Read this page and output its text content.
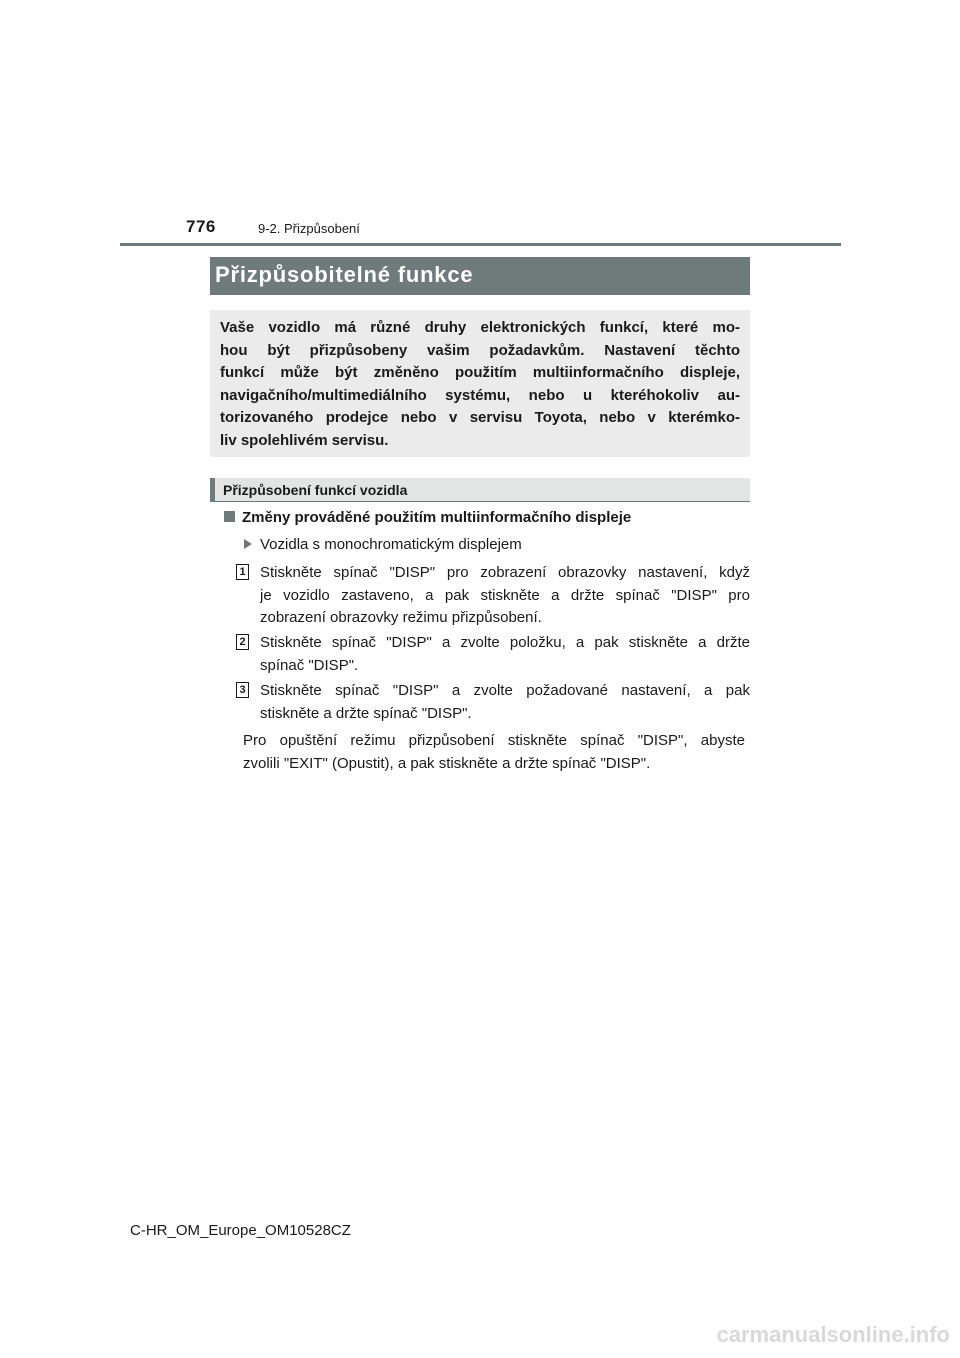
776	9-2. Přizpůsobení
Přizpůsobitelné funkce
Vaše vozidlo má různé druhy elektronických funkcí, které mo-
hou být přizpůsobeny vašim požadavkům. Nastavení těchto
funkcí může být změněno použitím multiinformačního displeje,
navigačního/multimediálního systému, nebo u kteréhokoliv au-
torizovaného prodejce nebo v servisu Toyota, nebo v kterémko-
liv spolehlivém servisu.
Přizpůsobení funkcí vozidla
Změny prováděné použitím multiinformačního displeje
Vozidla s monochromatickým displejem
1 Stiskněte spínač "DISP" pro zobrazení obrazovky nastavení, když
je vozidlo zastaveno, a pak stiskněte a držte spínač "DISP" pro
zobrazení obrazovky režimu přizpůsobení.
2 Stiskněte spínač "DISP" a zvolte položku, a pak stiskněte a držte
spínač "DISP".
3 Stiskněte spínač "DISP" a zvolte požadované nastavení, a pak
stiskněte a držte spínač "DISP".
Pro opuštění režimu přizpůsobení stiskněte spínač "DISP", abyste
zvolili "EXIT" (Opustit), a pak stiskněte a držte spínač "DISP".
C-HR_OM_Europe_OM10528CZ
carmanualsonline.info
